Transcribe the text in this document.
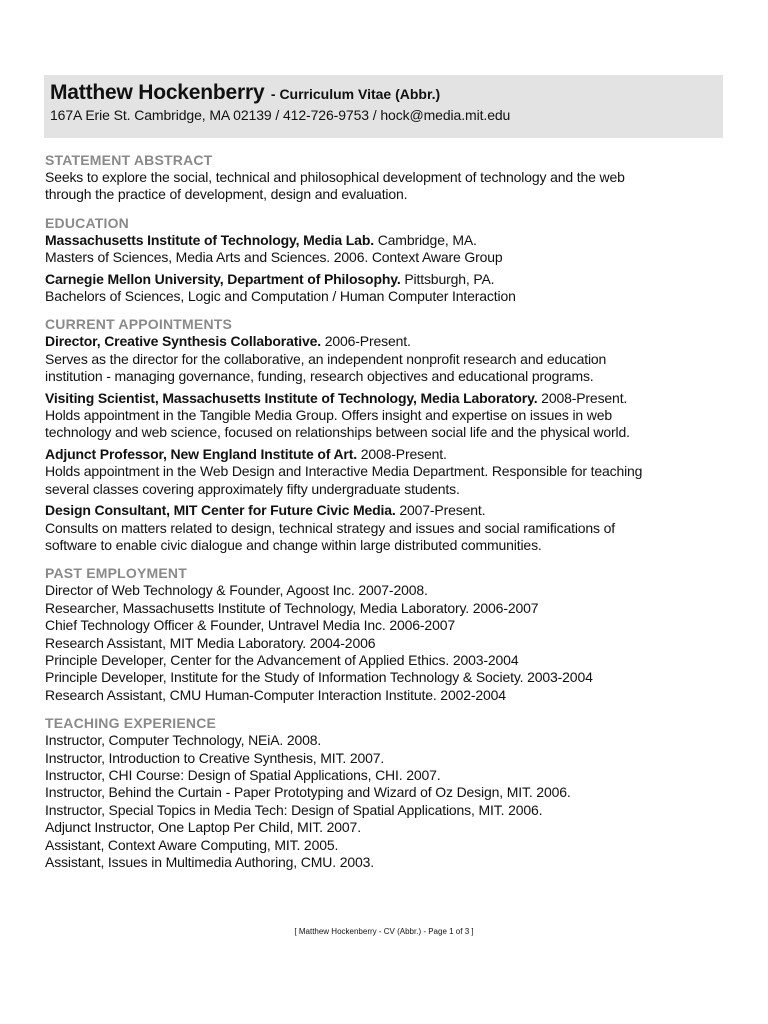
Matthew Hockenberry - Curriculum Vitae (Abbr.)
167A Erie St. Cambridge, MA 02139 / 412-726-9753 / hock@media.mit.edu
STATEMENT ABSTRACT
Seeks to explore the social, technical and philosophical development of technology and the web
through the practice of development, design and evaluation.
EDUCATION
Massachusetts Institute of Technology, Media Lab. Cambridge, MA.
Masters of Sciences, Media Arts and Sciences. 2006. Context Aware Group
Carnegie Mellon University, Department of Philosophy. Pittsburgh, PA.
Bachelors of Sciences, Logic and Computation / Human Computer Interaction
CURRENT APPOINTMENTS
Director, Creative Synthesis Collaborative. 2006-Present.
Serves as the director for the collaborative, an independent nonprofit research and education
institution - managing governance, funding, research objectives and educational programs.
Visiting Scientist, Massachusetts Institute of Technology, Media Laboratory. 2008-Present.
Holds appointment in the Tangible Media Group. Offers insight and expertise on issues in web
technology and web science, focused on relationships between social life and the physical world.
Adjunct Professor, New England Institute of Art. 2008-Present.
Holds appointment in the Web Design and Interactive Media Department. Responsible for teaching
several classes covering approximately fifty undergraduate students.
Design Consultant, MIT Center for Future Civic Media. 2007-Present.
Consults on matters related to design, technical strategy and issues and social ramifications of
software to enable civic dialogue and change within large distributed communities.
PAST EMPLOYMENT
Director of Web Technology & Founder, Agoost Inc. 2007-2008.
Researcher, Massachusetts Institute of Technology, Media Laboratory. 2006-2007
Chief Technology Officer & Founder, Untravel Media Inc. 2006-2007
Research Assistant, MIT Media Laboratory. 2004-2006
Principle Developer, Center for the Advancement of Applied Ethics. 2003-2004
Principle Developer, Institute for the Study of Information Technology & Society. 2003-2004
Research Assistant, CMU Human-Computer Interaction Institute. 2002-2004
TEACHING EXPERIENCE
Instructor, Computer Technology, NEiA. 2008.
Instructor, Introduction to Creative Synthesis, MIT. 2007.
Instructor, CHI Course: Design of Spatial Applications, CHI. 2007.
Instructor, Behind the Curtain - Paper Prototyping and Wizard of Oz Design, MIT. 2006.
Instructor, Special Topics in Media Tech: Design of Spatial Applications, MIT. 2006.
Adjunct Instructor, One Laptop Per Child, MIT. 2007.
Assistant, Context Aware Computing, MIT. 2005.
Assistant, Issues in Multimedia Authoring, CMU. 2003.
[ Matthew Hockenberry - CV (Abbr.) - Page 1 of 3 ]
